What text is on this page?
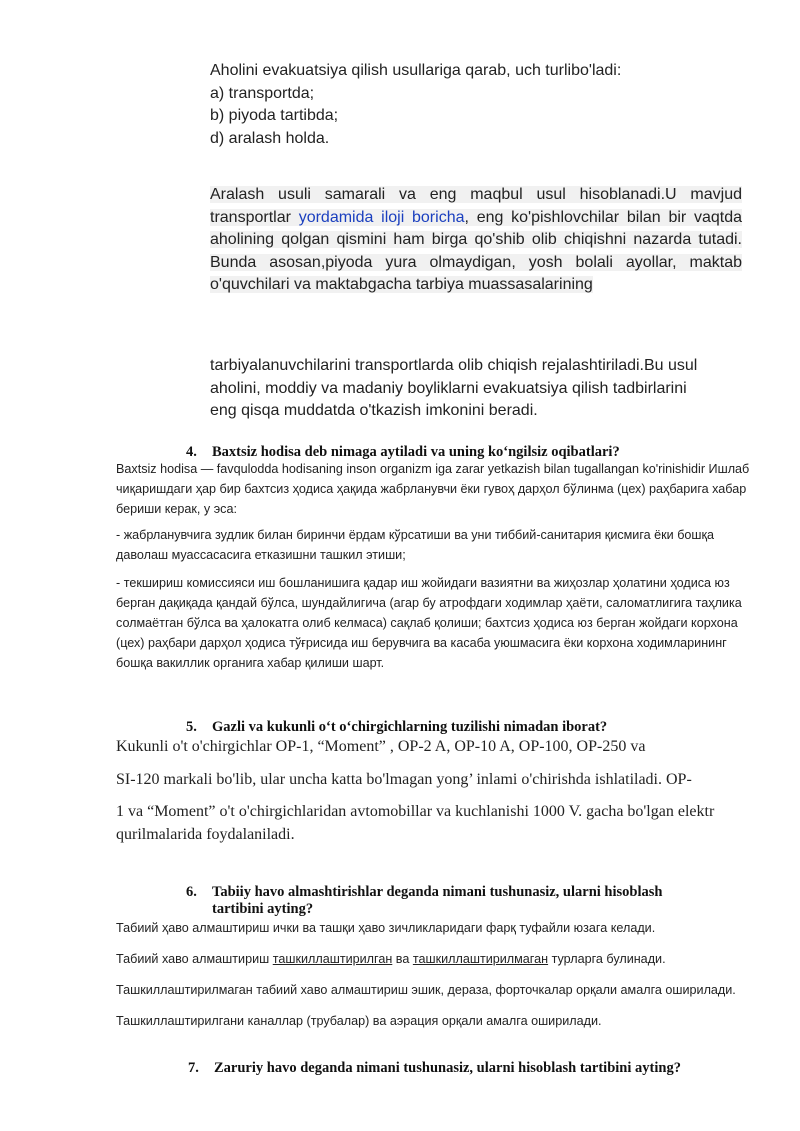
Aholini evakuatsiya qilish usullariga qarab, uch turlibo'ladi:
a) transportda;
b) piyoda tartibda;
d) aralash holda.
Aralash usuli samarali va eng maqbul usul hisoblanadi.U mavjud transportlar yordamida iloji boricha, eng ko'pishlovchilar bilan bir vaqtda aholining qolgan qismini ham birga qo'shib olib chiqishni nazarda tutadi. Bunda asosan,piyoda yura olmaydigan, yosh bolali ayollar, maktab o'quvchilari va maktabgacha tarbiya muassasalarining
tarbiyalanuvchilarini transportlarda olib chiqish rejalashtiriladi.Bu usul
aholini, moddiy va madaniy boyliklarni evakuatsiya qilish tadbirlarini
eng qisqa muddatda o'tkazish imkonini beradi.
4. Baxtsiz hodisa deb nimaga aytiladi va uning ko‘ngilsiz oqibatlari?

Baxtsiz hodisa — favqulodda hodisaning inson organizm iga zarar yetkazish bilan tugallangan ko'rinishidir Ишлаб чиқаришдаги ҳар бир бахтсиз ҳодиса ҳақида жабрланувчи ёки гувоҳ дарҳол бўлинма (цех) раҳбарига хабар бериши керак, у эса:

- жабрланувчига зудлик билан биринчи ёрдам кўрсатиши ва уни тиббий-санитария қисмига ёки бошқа даволаш муассасасига етказишни ташкил этиши;

- текшириш комиссияси иш бошланишига қадар иш жойидаги вазиятни ва жиҳозлар ҳолатини ҳодиса юз берган дақиқада қандай бўлса, шундайлигича (агар бу атрофдаги ходимлар ҳаёти, саломатлигига таҳлика солмаётган бўлса ва ҳалокатга олиб келмаса) сақлаб қолиши; бахтсиз ҳодиса юз берган жойдаги корхона (цех) раҳбари дарҳол ҳодиса тўғрисида иш берувчига ва касаба уюшмасига ёки корхона ходимларининг бошқа вакиллик органига хабар қилиши шарт.

5. Gazli va kukunli o‘t o‘chirgichlarning tuzilishi nimadan iborat?

Kukunli o't o'chirgichlar OP-1, “Moment” , OP-2 A, OP-10 A, OP-100, OP-250 va

SI-120 markali bo'lib, ular uncha katta bo'lmagan yong’ inlami o'chirishda ishlatiladi. OP-

1 va “Moment” o't o'chirgichlaridan avtomobillar va kuchlanishi 1000 V. gacha bo'lgan elektr qurilmalarida foydalaniladi.

6. Tabiiy havo almashtirishlar deganda nimani tushunasiz, ularni hisoblash
tartibini ayting?

Табиий ҳаво алмаштириш ички ва ташқи ҳаво зичликларидаги фарқ туфайли юзага келади.

Табиий хаво алмаштириш ташкиллаштирилган ва ташкиллаштирилмаган турларга булинади.

Ташкиллаштирилмаган табиий хаво алмаштириш эшик, деразa, форточкалар орқали амалга оширилади.

Ташкиллаштирилгани каналлар (трубалар) ва аэрация орқали амалга оширилади.

7. Zaruriy havo deganda nimani tushunasiz, ularni hisoblash tartibini ayting?
